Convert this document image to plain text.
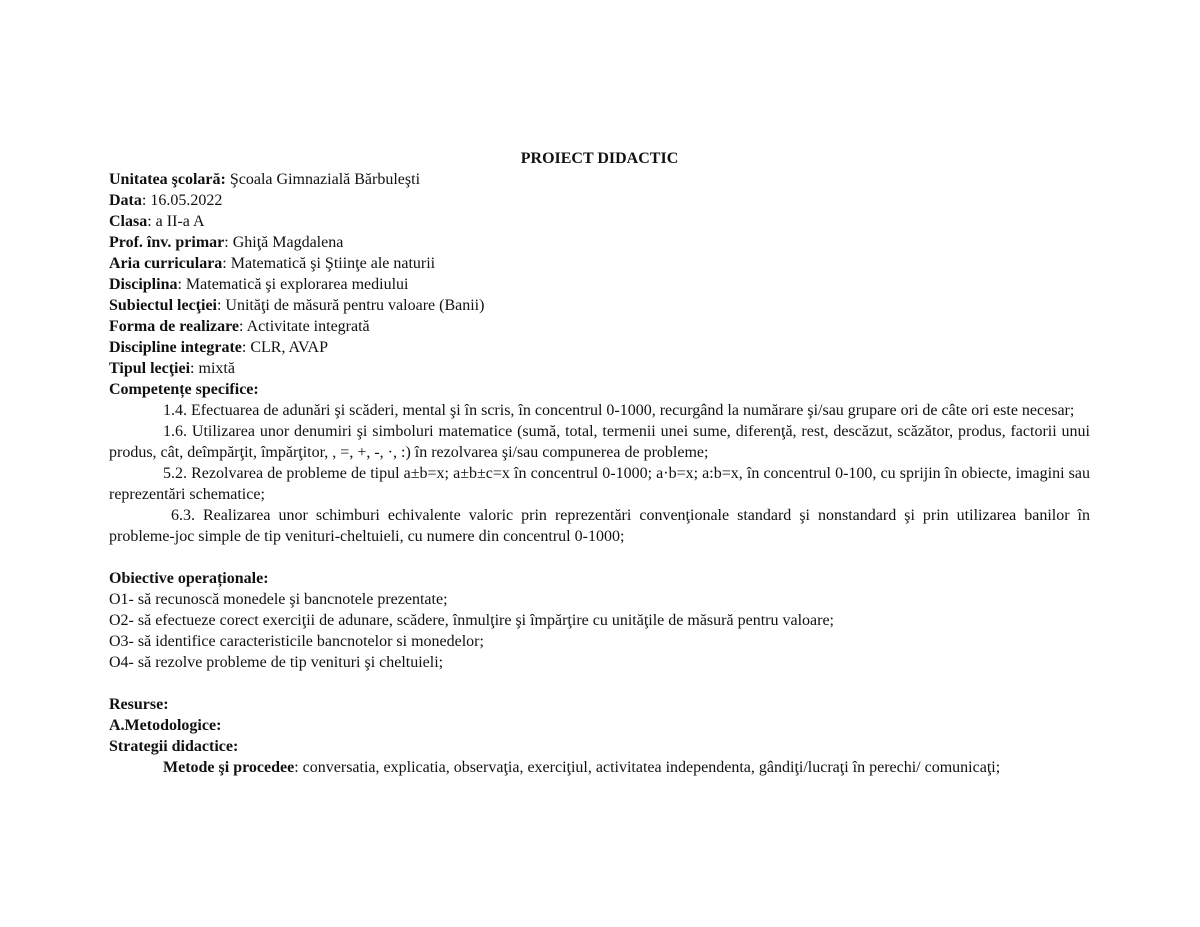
PROIECT DIDACTIC

Unitatea şcolară: Şcoala Gimnazială Bărbuleşti

Data: 16.05.2022

Clasa: a II-a A

Prof. înv. primar: Ghiţă Magdalena

Aria curriculara: Matematică şi Ştiinţe ale naturii

Disciplina: Matematică şi explorarea mediului

Subiectul lecţiei: Unităţi de măsură pentru valoare (Banii)

Forma de realizare: Activitate integrată

Discipline integrate: CLR, AVAP

Tipul lecţiei: mixtă

Competențe specifice:

1.4. Efectuarea de adunări şi scăderi, mental şi în scris, în concentrul 0-1000, recurgând la numărare şi/sau grupare ori de câte ori este necesar;

1.6. Utilizarea unor denumiri şi simboluri matematice (sumă, total, termenii unei sume, diferenţă, rest, descăzut, scăzător, produs, factorii unui produs, cât, deîmpărţit, împărţitor, , =, +, -, ·, :) în rezolvarea şi/sau compunerea de probleme;

5.2. Rezolvarea de probleme de tipul a±b=x; a±b±c=x în concentrul 0-1000; a·b=x; a:b=x, în concentrul 0-100, cu sprijin în obiecte, imagini sau reprezentări schematice;

6.3. Realizarea unor schimburi echivalente valoric prin reprezentări convenţionale standard şi nonstandard şi prin utilizarea banilor în probleme-joc simple de tip venituri-cheltuieli, cu numere din concentrul 0-1000;

Obiective operaționale:

O1- să recunoscă monedele şi bancnotele prezentate;

O2- să efectueze corect exerciţii de adunare, scădere, înmulţire şi împărţire cu unităţile de măsură pentru valoare;

O3- să identifice caracteristicile bancnotelor si monedelor;

O4- să rezolve probleme de tip venituri şi cheltuieli;

Resurse:

A.Metodologice:

Strategii didactice:

Metode şi procedee: conversatia, explicatia, observaţia, exerciţiul, activitatea independenta, gândiţi/lucraţi în perechi/ comunicaţi;
